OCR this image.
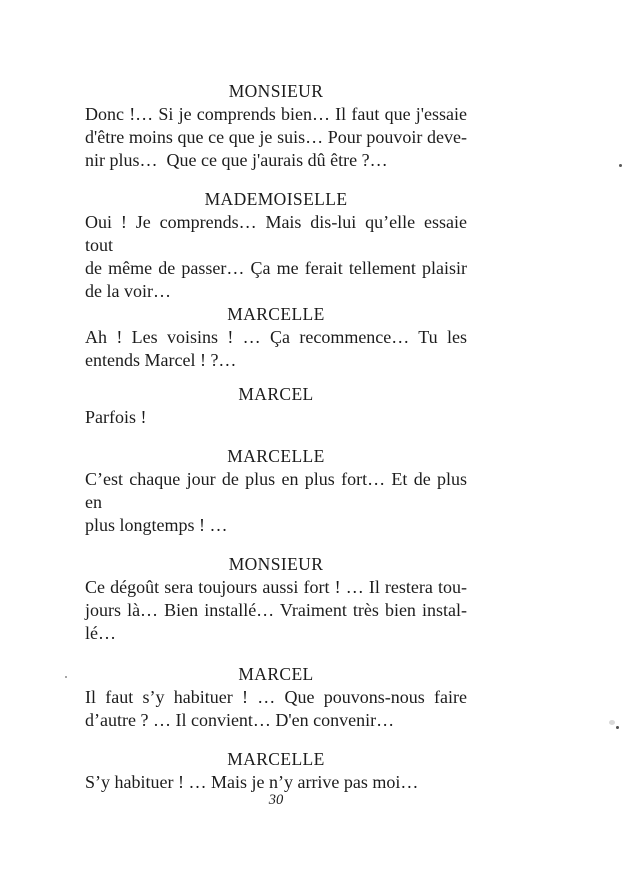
MONSIEUR

Donc !… Si je comprends bien… Il faut que j'essaie

d'être moins que ce que je suis… Pour pouvoir deve-

nir plus…  Que ce que j'aurais dû être ?…

MADEMOISELLE

Oui ! Je comprends… Mais dis-lui qu’elle essaie tout

de même de passer… Ça me ferait tellement plaisir

de la voir…

MARCELLE

Ah ! Les voisins ! … Ça recommence… Tu les

entends Marcel ! ?…

MARCEL

Parfois !

MARCELLE

C’est chaque jour de plus en plus fort… Et de plus en

plus longtemps ! …

MONSIEUR

Ce dégoût sera toujours aussi fort ! … Il restera tou-

jours là… Bien installé… Vraiment très bien instal-

lé…

MARCEL

Il faut s’y habituer ! … Que pouvons-nous faire

d’autre ? … Il convient… D'en convenir…

MARCELLE

S’y habituer ! … Mais je n’y arrive pas moi…

30
